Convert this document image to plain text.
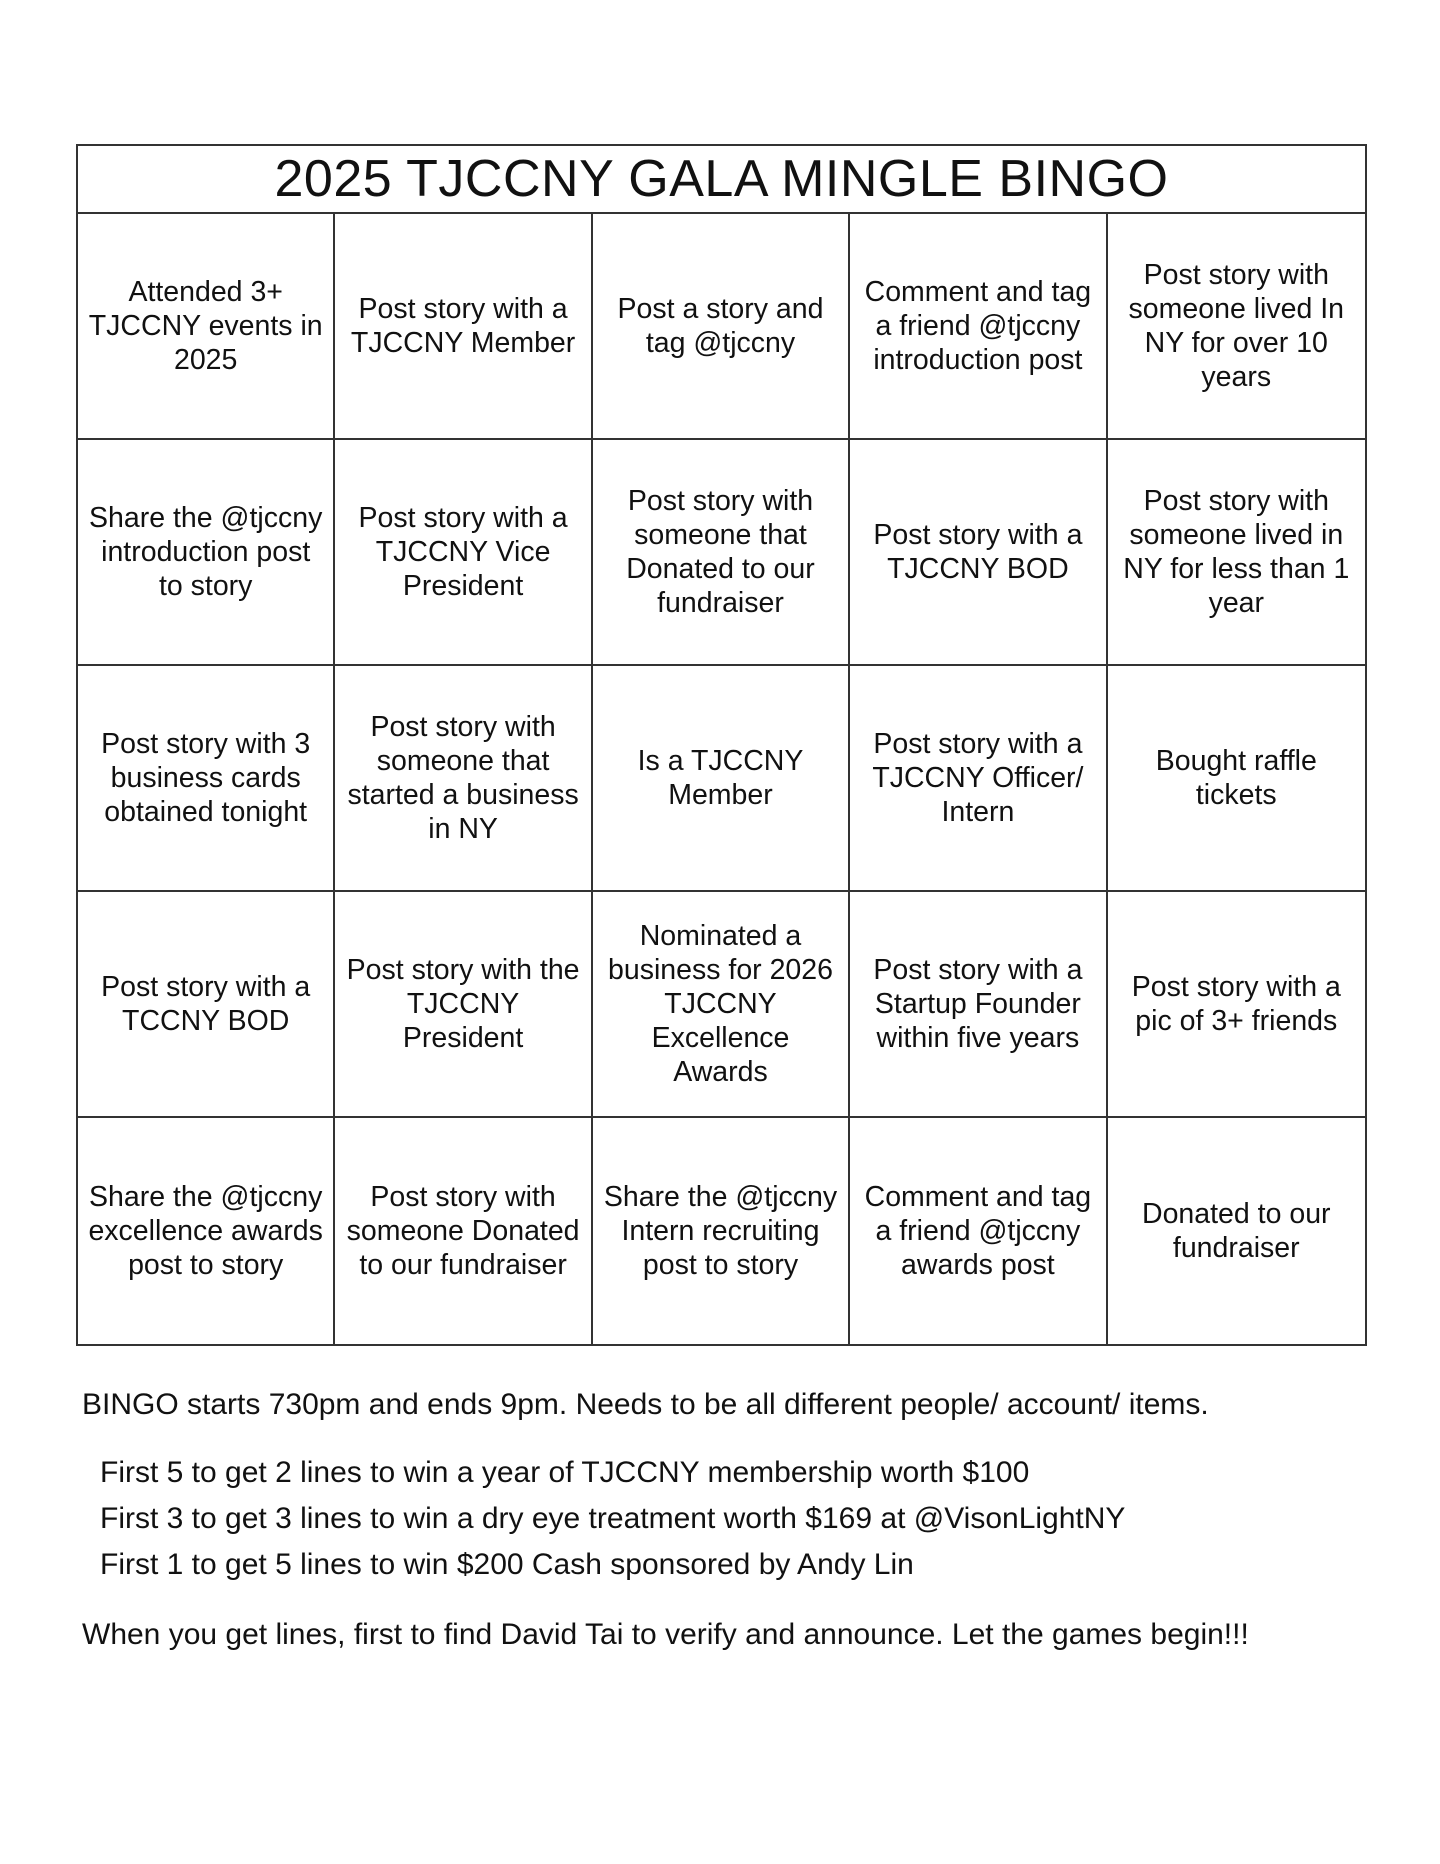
2025 TJCCNY GALA MINGLE BINGO
Attended 3+
TJCCNY events in
2025
Post story with a
TJCCNY Member
Post a story and
tag @tjccny
Comment and tag
a friend @tjccny
introduction post
Post story with
someone lived In
NY for over 10
years
Share the @tjccny
introduction post
to story
Post story with a
TJCCNY Vice
President
Post story with
someone that
Donated to our
fundraiser
Post story with a
TJCCNY BOD
Post story with
someone lived in
NY for less than 1
year
Post story with 3
business cards
obtained tonight
Post story with
someone that
started a business
in NY
Is a TJCCNY
Member
Post story with a
TJCCNY Officer/
Intern
Bought raffle
tickets
Post story with a
TCCNY BOD
Post story with the
TJCCNY
President
Nominated a
business for 2026
TJCCNY
Excellence
Awards
Post story with a
Startup Founder
within five years
Post story with a
pic of 3+ friends
Share the @tjccny
excellence awards
post to story
Post story with
someone Donated
to our fundraiser
Share the @tjccny
Intern recruiting
post to story
Comment and tag
a friend @tjccny
awards post
Donated to our
fundraiser

BINGO starts 730pm and ends 9pm. Needs to be all different people/ account/ items.

First 5 to get 2 lines to win a year of TJCCNY membership worth $100

First 3 to get 3 lines to win a dry eye treatment worth $169 at @VisonLightNY

First 1 to get 5 lines to win $200 Cash sponsored by Andy Lin

When you get lines, first to find David Tai to verify and announce. Let the games begin!!!
